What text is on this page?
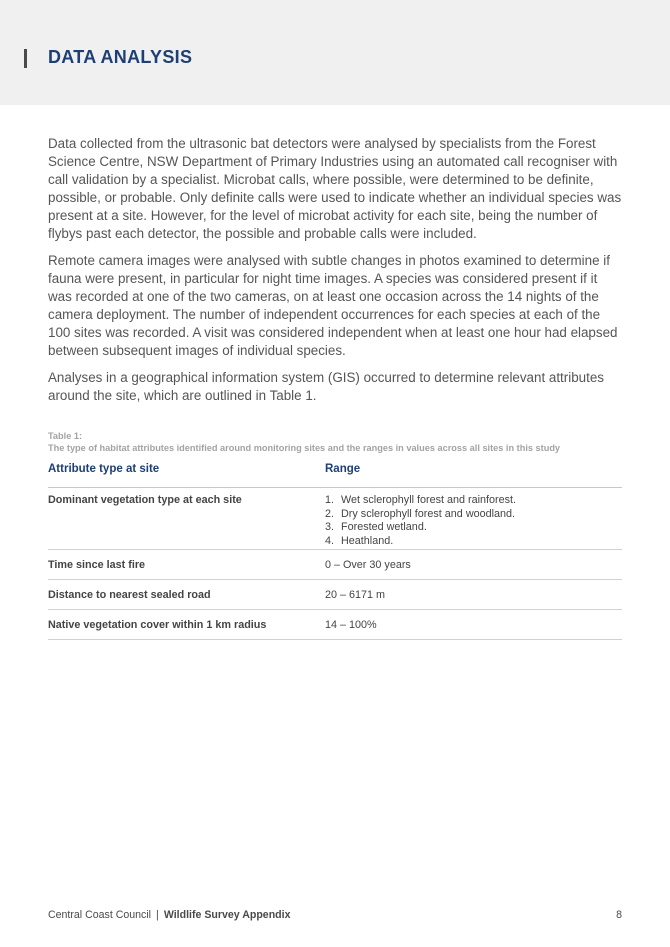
DATA ANALYSIS

Data collected from the ultrasonic bat detectors were analysed by specialists from the Forest Science Centre, NSW Department of Primary Industries using an automated call recogniser with call validation by a specialist. Microbat calls, where possible, were determined to be definite, possible, or probable. Only definite calls were used to indicate whether an individual species was present at a site. However, for the level of microbat activity for each site, being the number of flybys past each detector, the possible and probable calls were included.

Remote camera images were analysed with subtle changes in photos examined to determine if fauna were present, in particular for night time images. A species was considered present if it was recorded at one of the two cameras, on at least one occasion across the 14 nights of the camera deployment. The number of independent occurrences for each species at each of the 100 sites was recorded. A visit was considered independent when at least one hour had elapsed between subsequent images of individual species.

Analyses in a geographical information system (GIS) occurred to determine relevant attributes around the site, which are outlined in Table 1.

Table 1:
The type of habitat attributes identified around monitoring sites and the ranges in values across all sites in this study
Attribute type at site	Range
Dominant vegetation type at each site	1. Wet sclerophyll forest and rainforest.
2. Dry sclerophyll forest and woodland.
3. Forested wetland.
4. Heathland.
Time since last fire	0 – Over 30 years
Distance to nearest sealed road	20 – 6171 m
Native vegetation cover within 1 km radius	14 – 100%
Central Coast Council | Wildlife Survey Appendix	8
